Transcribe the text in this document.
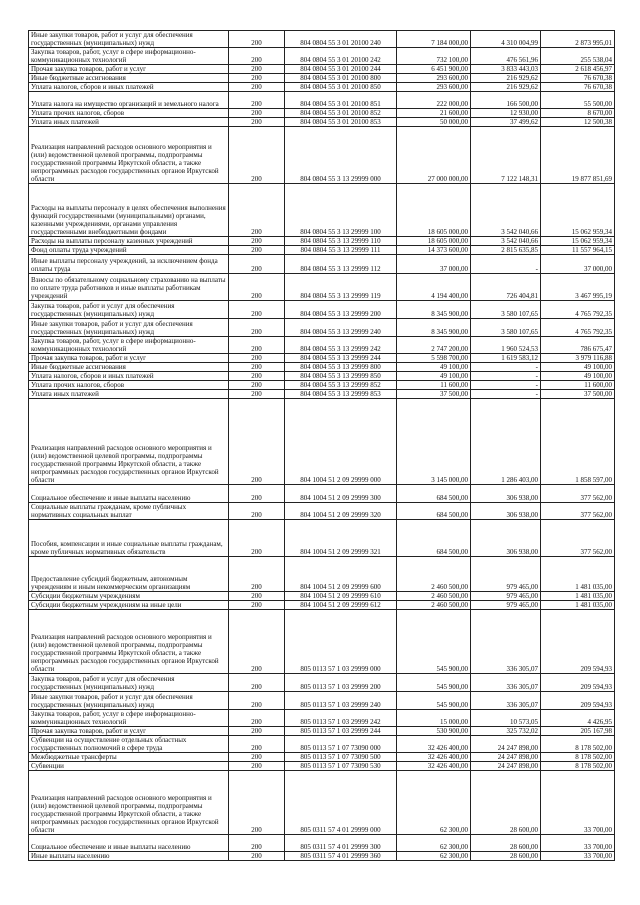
Иные закупки товаров, работ и услуг для обеспечения государственных (муниципальных) нужд	200	804 0804 55 3 01 20100 240	7 184 000,00	4 310 004,99	2 873 995,01
Закупка товаров, работ, услуг в сфере информационно-коммуникационных технологий	200	804 0804 55 3 01 20100 242	732 100,00	476 561,96	255 538,04
Прочая закупка товаров, работ и услуг	200	804 0804 55 3 01 20100 244	6 451 900,00	3 833 443,03	2 618 456,97
Иные бюджетные ассигнования	200	804 0804 55 3 01 20100 800	293 600,00	216 929,62	76 670,38
Уплата налогов, сборов и иных платежей	200	804 0804 55 3 01 20100 850	293 600,00	216 929,62	76 670,38
Уплата налога на имущество организаций и земельного налога	200	804 0804 55 3 01 20100 851	222 000,00	166 500,00	55 500,00
Уплата прочих налогов, сборов	200	804 0804 55 3 01 20100 852	21 600,00	12 930,00	8 670,00
Уплата иных платежей	200	804 0804 55 3 01 20100 853	50 000,00	37 499,62	12 500,38
Реализация направлений расходов основного мероприятия и (или) ведомственной целевой программы, подпрограммы государственной программы Иркутской области, а также непрограммных расходов государственных органов Иркутской области	200	804 0804 55 3 13 29999 000	27 000 000,00	7 122 148,31	19 877 851,69
Расходы на выплаты персоналу в целях обеспечения выполнения функций государственными (муниципальными) органами, казенными учреждениями, органами управления государственными внебюджетными фондами	200	804 0804 55 3 13 29999 100	18 605 000,00	3 542 040,66	15 062 959,34
Расходы на выплаты персоналу казенных учреждений	200	804 0804 55 3 13 29999 110	18 605 000,00	3 542 040,66	15 062 959,34
Фонд оплаты труда учреждений	200	804 0804 55 3 13 29999 111	14 373 600,00	2 815 635,85	11 557 964,15
Иные выплаты персоналу учреждений, за исключением фонда оплаты труда	200	804 0804 55 3 13 29999 112	37 000,00	-	37 000,00
Взносы по обязательному социальному страхованию на выплаты по оплате труда работников и иные выплаты работникам учреждений	200	804 0804 55 3 13 29999 119	4 194 400,00	726 404,81	3 467 995,19
Закупка товаров, работ и услуг для обеспечения государственных (муниципальных) нужд	200	804 0804 55 3 13 29999 200	8 345 900,00	3 580 107,65	4 765 792,35
Иные закупки товаров, работ и услуг для обеспечения государственных (муниципальных) нужд	200	804 0804 55 3 13 29999 240	8 345 900,00	3 580 107,65	4 765 792,35
Закупка товаров, работ, услуг в сфере информационно-коммуникационных технологий	200	804 0804 55 3 13 29999 242	2 747 200,00	1 960 524,53	786 675,47
Прочая закупка товаров, работ и услуг	200	804 0804 55 3 13 29999 244	5 598 700,00	1 619 583,12	3 979 116,88
Иные бюджетные ассигнования	200	804 0804 55 3 13 29999 800	49 100,00	-	49 100,00
Уплата налогов, сборов и иных платежей	200	804 0804 55 3 13 29999 850	49 100,00	-	49 100,00
Уплата прочих налогов, сборов	200	804 0804 55 3 13 29999 852	11 600,00	-	11 600,00
Уплата иных платежей	200	804 0804 55 3 13 29999 853	37 500,00	-	37 500,00
Реализация направлений расходов основного мероприятия и (или) ведомственной целевой программы, подпрограммы государственной программы Иркутской области, а также непрограммных расходов государственных органов Иркутской области	200	804 1004 51 2 09 29999 000	3 145 000,00	1 286 403,00	1 858 597,00
Социальное обеспечение и иные выплаты населению	200	804 1004 51 2 09 29999 300	684 500,00	306 938,00	377 562,00
Социальные выплаты гражданам, кроме публичных нормативных социальных выплат	200	804 1004 51 2 09 29999 320	684 500,00	306 938,00	377 562,00
Пособия, компенсации и иные социальные выплаты гражданам, кроме публичных нормативных обязательств	200	804 1004 51 2 09 29999 321	684 500,00	306 938,00	377 562,00
Предоставление субсидий бюджетным, автономным учреждениям и иным некоммерческим организациям	200	804 1004 51 2 09 29999 600	2 460 500,00	979 465,00	1 481 035,00
Субсидии бюджетным учреждениям	200	804 1004 51 2 09 29999 610	2 460 500,00	979 465,00	1 481 035,00
Субсидии бюджетным учреждениям на иные цели	200	804 1004 51 2 09 29999 612	2 460 500,00	979 465,00	1 481 035,00
Реализация направлений расходов основного мероприятия и (или) ведомственной целевой программы, подпрограммы государственной программы Иркутской области, а также непрограммных расходов государственных органов Иркутской области	200	805 0113 57 1 03 29999 000	545 900,00	336 305,07	209 594,93
Закупка товаров, работ и услуг для обеспечения государственных (муниципальных) нужд	200	805 0113 57 1 03 29999 200	545 900,00	336 305,07	209 594,93
Иные закупки товаров, работ и услуг для обеспечения государственных (муниципальных) нужд	200	805 0113 57 1 03 29999 240	545 900,00	336 305,07	209 594,93
Закупка товаров, работ, услуг в сфере информационно-коммуникационных технологий	200	805 0113 57 1 03 29999 242	15 000,00	10 573,05	4 426,95
Прочая закупка товаров, работ и услуг	200	805 0113 57 1 03 29999 244	530 900,00	325 732,02	205 167,98
Субвенции на осуществление отдельных областных государственных полномочий в сфере труда	200	805 0113 57 1 07 73090 000	32 426 400,00	24 247 898,00	8 178 502,00
Межбюджетные трансферты	200	805 0113 57 1 07 73090 500	32 426 400,00	24 247 898,00	8 178 502,00
Субвенции	200	805 0113 57 1 07 73090 530	32 426 400,00	24 247 898,00	8 178 502,00
Реализация направлений расходов основного мероприятия и (или) ведомственной целевой программы, подпрограммы государственной программы Иркутской области, а также непрограммных расходов государственных органов Иркутской области	200	805 0311 57 4 01 29999 000	62 300,00	28 600,00	33 700,00
Социальное обеспечение и иные выплаты населению	200	805 0311 57 4 01 29999 300	62 300,00	28 600,00	33 700,00
Иные выплаты населению	200	805 0311 57 4 01 29999 360	62 300,00	28 600,00	33 700,00
